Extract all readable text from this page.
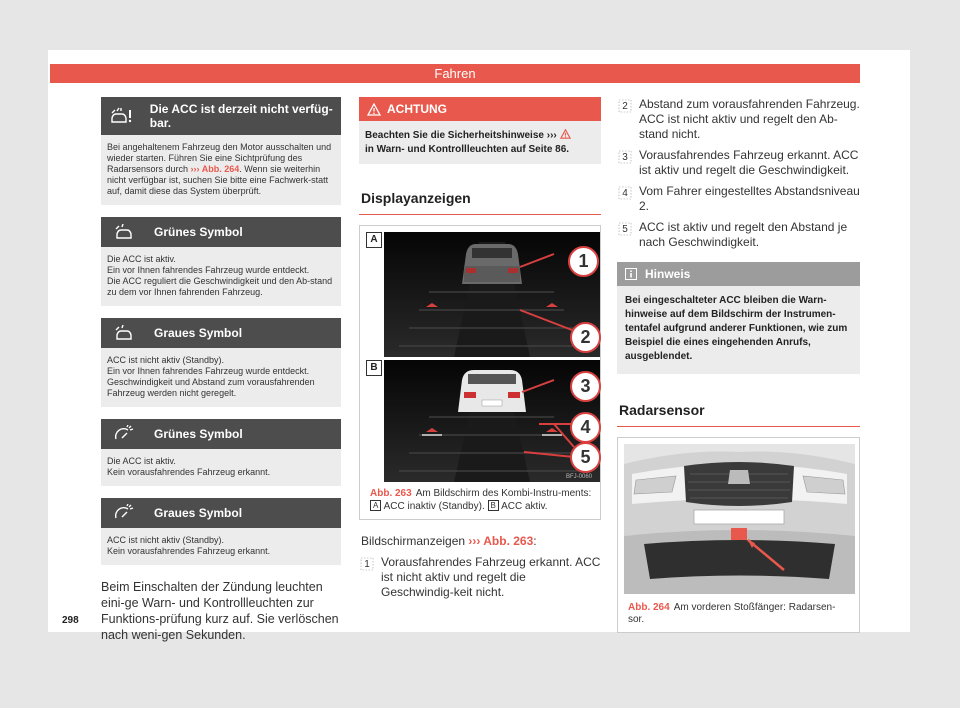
Fahren
Die ACC ist derzeit nicht verfüg-bar.
Bei angehaltenem Fahrzeug den Motor ausschalten und wieder starten. Führen Sie eine Sichtprüfung des Radarsensors durch ››› Abb. 264. Wenn sie weiterhin nicht verfügbar ist, suchen Sie bitte eine Fachwerk-statt auf, damit diese das System überprüft.
Grünes Symbol
Die ACC ist aktiv.
Ein vor Ihnen fahrendes Fahrzeug wurde entdeckt.
Die ACC reguliert die Geschwindigkeit und den Ab-stand zu dem vor Ihnen fahrenden Fahrzeug.
Graues Symbol
ACC ist nicht aktiv (Standby).
Ein vor Ihnen fahrendes Fahrzeug wurde entdeckt.
Geschwindigkeit und Abstand zum vorausfahrenden Fahrzeug werden nicht geregelt.
Grünes Symbol
Die ACC ist aktiv.
Kein vorausfahrendes Fahrzeug erkannt.
Graues Symbol
ACC ist nicht aktiv (Standby).
Kein vorausfahrendes Fahrzeug erkannt.
Beim Einschalten der Zündung leuchten eini-ge Warn- und Kontrollleuchten zur Funktions-prüfung kurz auf. Sie verlöschen nach weni-gen Sekunden.
ACHTUNG
Beachten Sie die Sicherheitshinweise ›››
in Warn- und Kontrollleuchten auf Seite 86.
Displayanzeigen
A
B
1
2
3
4
5
BFJ-0060
Abb. 263 Am Bildschirm des Kombi-Instru-ments: A ACC inaktiv (Standby). B ACC aktiv.
Bildschirmanzeigen ››› Abb. 263:
1 Vorausfahrendes Fahrzeug erkannt. ACC ist nicht aktiv und regelt die Geschwindig-keit nicht.
2 Abstand zum vorausfahrenden Fahrzeug. ACC ist nicht aktiv und regelt den Ab-stand nicht.
3 Vorausfahrendes Fahrzeug erkannt. ACC ist aktiv und regelt die Geschwindigkeit.
4 Vom Fahrer eingestelltes Abstandsniveau 2.
5 ACC ist aktiv und regelt den Abstand je nach Geschwindigkeit.
Hinweis
Bei eingeschalteter ACC bleiben die Warn-hinweise auf dem Bildschirm der Instrumen-tentafel aufgrund anderer Funktionen, wie zum Beispiel die eines eingehenden Anrufs, ausgeblendet.
Radarsensor
BFJ-0026
Abb. 264 Am vorderen Stoßfänger: Radarsen-sor.
298
